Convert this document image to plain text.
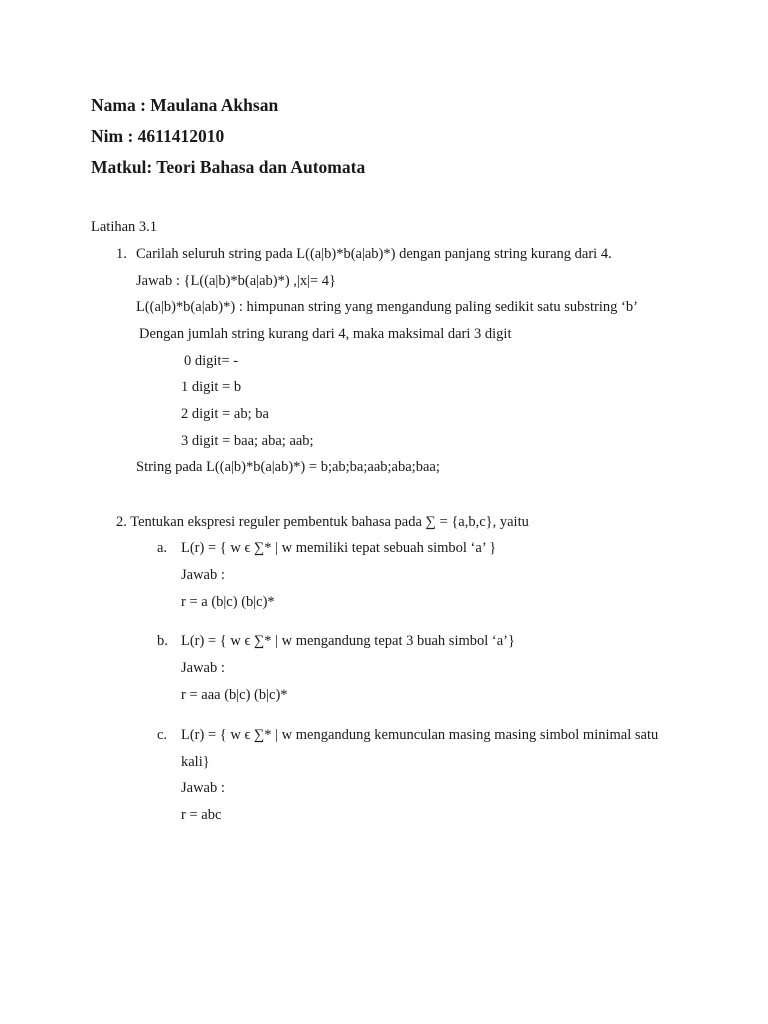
Nama : Maulana Akhsan
Nim : 4611412010
Matkul: Teori Bahasa dan Automata
Latihan 3.1
1. Carilah seluruh string pada L((a|b)*b(a|ab)*) dengan panjang string kurang dari 4.
Jawab : {L((a|b)*b(a|ab)*) ,|x|= 4}
L((a|b)*b(a|ab)*) : himpunan string yang mengandung paling sedikit satu substring ‘b’
Dengan jumlah string kurang dari 4, maka maksimal dari 3 digit
0 digit= -
1 digit = b
2 digit = ab; ba
3 digit = baa; aba; aab;
String pada L((a|b)*b(a|ab)*) = b;ab;ba;aab;aba;baa;
2. Tentukan ekspresi reguler pembentuk bahasa pada ∑ = {a,b,c}, yaitu
a. L(r) = { w ϵ ∑* | w memiliki tepat sebuah simbol ‘a’ }
Jawab :
r = a (b|c) (b|c)*
b. L(r) = { w ϵ ∑* | w mengandung tepat 3 buah simbol ‘a’}
Jawab :
r = aaa (b|c) (b|c)*
c. L(r) = { w ϵ ∑* | w mengandung kemunculan masing masing simbol minimal satu
kali}
Jawab :
r = abc
